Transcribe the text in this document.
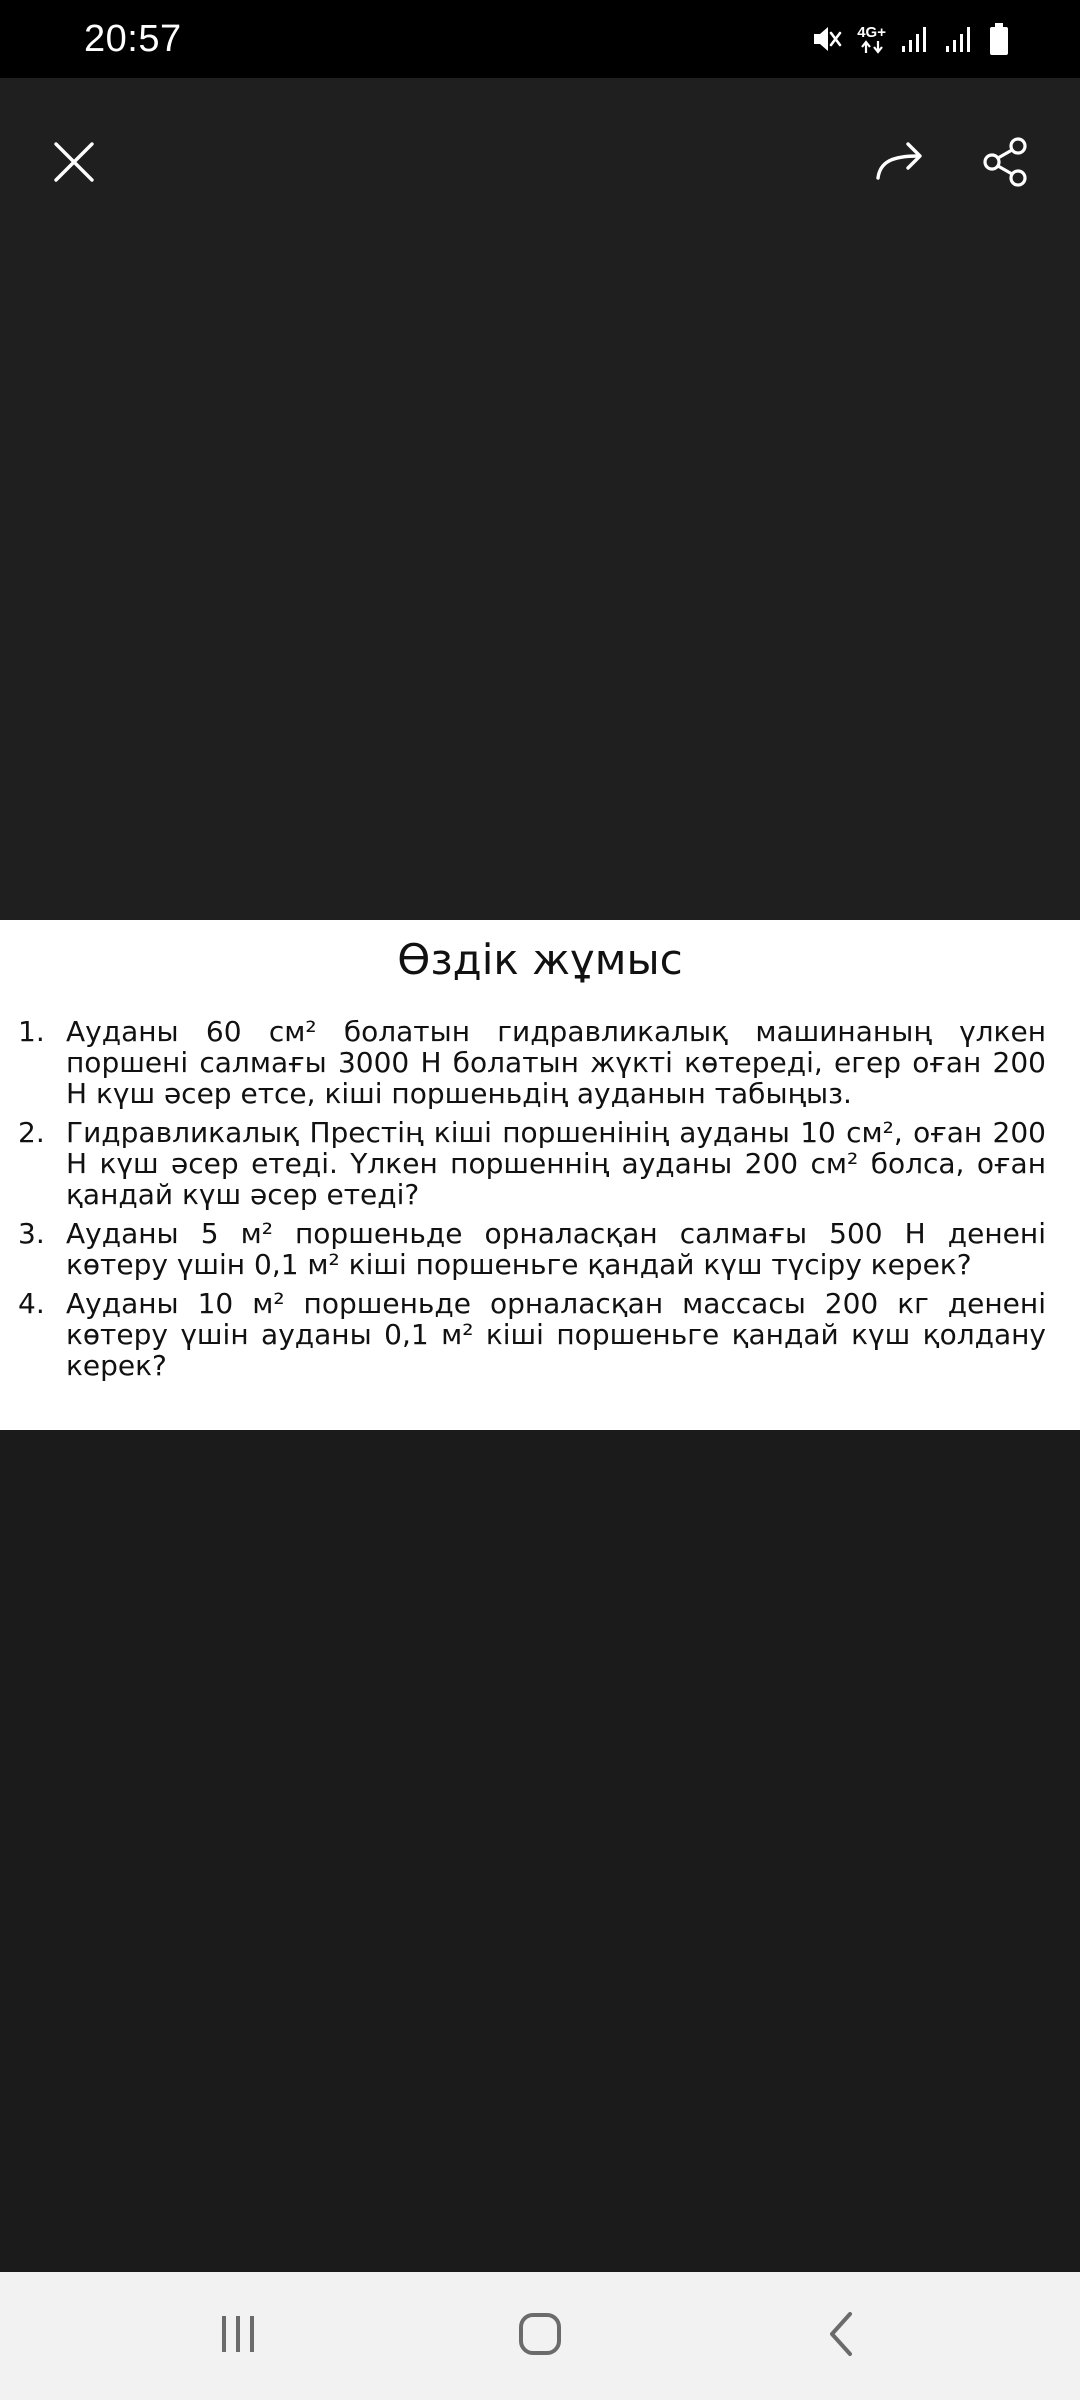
20:57	4G+
Өздік жұмыс
1. Ауданы 60 см² болатын гидравликалық машинаның үлкен поршені салмағы 3000 Н болатын жүкті көтереді, егер оған 200 Н күш әсер етсе, кіші поршеньдің ауданын табыңыз.
2. Гидравликалық Престің кіші поршенінің ауданы 10 см², оған 200 Н күш әсер етеді. Үлкен поршеннің ауданы 200 см² болса, оған қандай күш әсер етеді?
3. Ауданы 5 м² поршеньде орналасқан салмағы 500 Н денені көтеру үшін 0,1 м² кіші поршеньге қандай күш түсіру керек?
4. Ауданы 10 м² поршеньде орналасқан массасы 200 кг денені көтеру үшін ауданы 0,1 м² кіші поршеньге қандай күш қолдану керек?
